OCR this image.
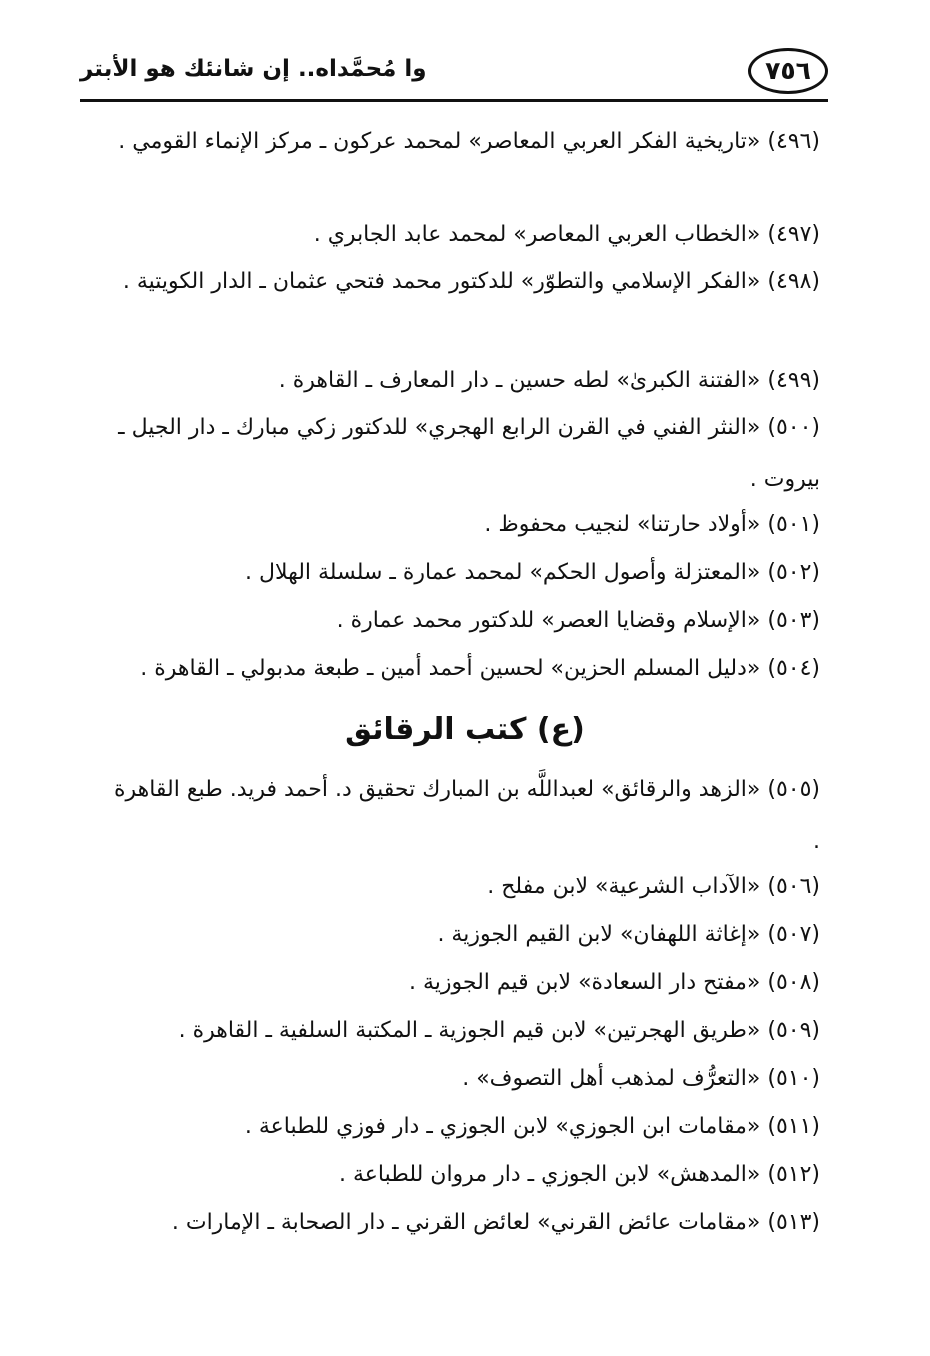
٧٥٦
وا مُحمَّداه.. إن شانئك هو الأبتر
(٤٩٦) «تاريخية الفكر العربي المعاصر» لمحمد عركون ـ مركز الإنماء القومي .
(٤٩٧) «الخطاب العربي المعاصر» لمحمد عابد الجابري .
(٤٩٨) «الفكر الإسلامي والتطوّر» للدكتور محمد فتحي عثمان ـ الدار الكويتية .
(٤٩٩) «الفتنة الكبرىٰ» لطه حسين ـ دار المعارف ـ القاهرة .
(٥٠٠) «النثر الفني في القرن الرابع الهجري» للدكتور زكي مبارك ـ دار الجيل ـ بيروت .
(٥٠١) «أولاد حارتنا» لنجيب محفوظ .
(٥٠٢) «المعتزلة وأصول الحكم» لمحمد عمارة ـ سلسلة الهلال .
(٥٠٣) «الإسلام وقضايا العصر» للدكتور محمد عمارة .
(٥٠٤) «دليل المسلم الحزين» لحسين أحمد أمين ـ طبعة مدبولي ـ القاهرة .
(ع) كتب الرقائق
(٥٠٥) «الزهد والرقائق» لعبداللَّه بن المبارك تحقيق د. أحمد فريد. طبع القاهرة .
(٥٠٦) «الآداب الشرعية» لابن مفلح .
(٥٠٧) «إغاثة اللهفان» لابن القيم الجوزية .
(٥٠٨) «مفتح دار السعادة» لابن قيم الجوزية .
(٥٠٩) «طريق الهجرتين» لابن قيم الجوزية ـ المكتبة السلفية ـ القاهرة .
(٥١٠) «التعرُّف لمذهب أهل التصوف» .
(٥١١) «مقامات ابن الجوزي» لابن الجوزي ـ دار فوزي للطباعة .
(٥١٢) «المدهش» لابن الجوزي ـ دار مروان للطباعة .
(٥١٣) «مقامات عائض القرني» لعائض القرني ـ دار الصحابة ـ الإمارات .
